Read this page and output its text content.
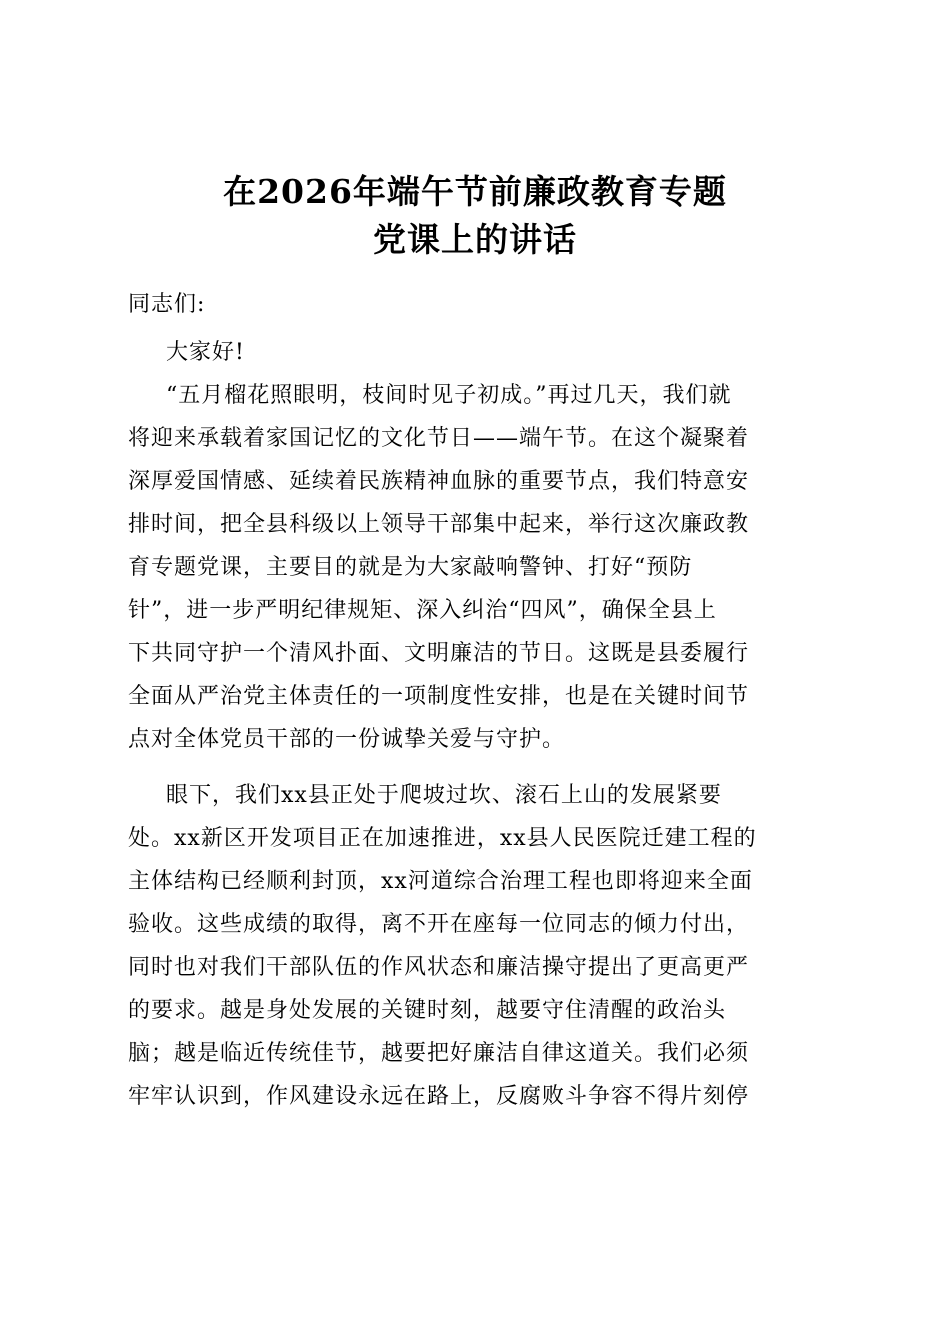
在2026年端午节前廉政教育专题
党课上的讲话

同志们:

大家好!

“五月榴花照眼明，枝间时见子初成。”再过几天，我们就

将迎来承载着家国记忆的文化节日——端午节。在这个凝聚着

深厚爱国情感、延续着民族精神血脉的重要节点，我们特意安

排时间，把全县科级以上领导干部集中起来，举行这次廉政教

育专题党课，主要目的就是为大家敲响警钟、打好“预防

针”，进一步严明纪律规矩、深入纠治“四风”，确保全县上

下共同守护一个清风扑面、文明廉洁的节日。这既是县委履行

全面从严治党主体责任的一项制度性安排，也是在关键时间节

点对全体党员干部的一份诚挚关爱与守护。

眼下，我们xx县正处于爬坡过坎、滚石上山的发展紧要

处。xx新区开发项目正在加速推进，xx县人民医院迁建工程的

主体结构已经顺利封顶，xx河道综合治理工程也即将迎来全面

验收。这些成绩的取得，离不开在座每一位同志的倾力付出，

同时也对我们干部队伍的作风状态和廉洁操守提出了更高更严

的要求。越是身处发展的关键时刻，越要守住清醒的政治头

脑；越是临近传统佳节，越要把好廉洁自律这道关。我们必须

牢牢认识到，作风建设永远在路上，反腐败斗争容不得片刻停
